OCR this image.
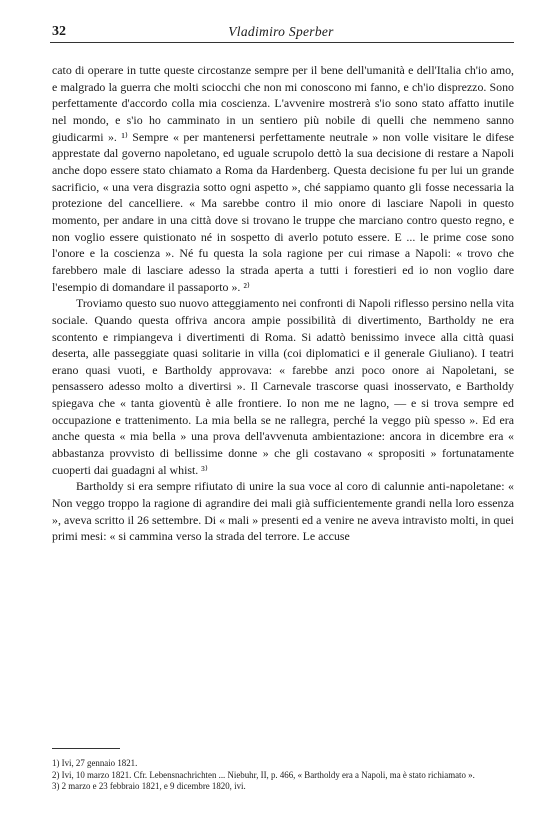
32	Vladimiro Sperber

cato di operare in tutte queste circostanze sempre per il bene dell'umanità e dell'Italia ch'io amo, e malgrado la guerra che molti sciocchi che non mi conoscono mi fanno, e ch'io disprezzo. Sono perfettamente d'accordo colla mia coscienza. L'avvenire mostrerà s'io sono stato affatto inutile nel mondo, e s'io ho camminato in un sentiero più nobile di quelli che nemmeno sanno giudicarmi ». ¹⁾ Sempre « per mantenersi perfettamente neutrale » non volle visitare le difese apprestate dal governo napoletano, ed uguale scrupolo dettò la sua decisione di restare a Napoli anche dopo essere stato chiamato a Roma da Hardenberg. Questa decisione fu per lui un grande sacrificio, « una vera disgrazia sotto ogni aspetto », ché sappiamo quanto gli fosse necessaria la protezione del cancelliere. « Ma sarebbe contro il mio onore di lasciare Napoli in questo momento, per andare in una città dove si trovano le truppe che marciano contro questo regno, e non voglio essere quistionato né in sospetto di averlo potuto essere. E ... le prime cose sono l'onore e la coscienza ». Né fu questa la sola ragione per cui rimase a Napoli: « trovo che farebbero male di lasciare adesso la strada aperta a tutti i forestieri ed io non voglio dare l'esempio di domandare il passaporto ». ²⁾

Troviamo questo suo nuovo atteggiamento nei confronti di Napoli riflesso persino nella vita sociale. Quando questa offriva ancora ampie possibilità di divertimento, Bartholdy ne era scontento e rimpiangeva i divertimenti di Roma. Si adattò benissimo invece alla città quasi deserta, alle passeggiate quasi solitarie in villa (coi diplomatici e il generale Giuliano). I teatri erano quasi vuoti, e Bartholdy approvava: « farebbe anzi poco onore ai Napoletani, se pensassero adesso molto a divertirsi ». Il Carnevale trascorse quasi inosservato, e Bartholdy spiegava che « tanta gioventù è alle frontiere. Io non me ne lagno, — e si trova sempre ed occupazione e trattenimento. La mia bella se ne rallegra, perché la veggo più spesso ». Ed era anche questa « mia bella » una prova dell'avvenuta ambientazione: ancora in dicembre era « abbastanza provvisto di bellissime donne » che gli costavano « spropositi » fortunatamente cuoperti dai guadagni al whist. ³⁾

Bartholdy si era sempre rifiutato di unire la sua voce al coro di calunnie anti-napoletane: « Non veggo troppo la ragione di agrandire dei mali già sufficientemente grandi nella loro essenza », aveva scritto il 26 settembre. Di « mali » presenti ed a venire ne aveva intravisto molti, in quei primi mesi: « si cammina verso la strada del terrore. Le accuse

1) Ivi, 27 gennaio 1821.

2) Ivi, 10 marzo 1821. Cfr. Lebensnachrichten ... Niebuhr, II, p. 466, « Bartholdy era a Napoli, ma è stato richiamato ».

3) 2 marzo e 23 febbraio 1821, e 9 dicembre 1820, ivi.
